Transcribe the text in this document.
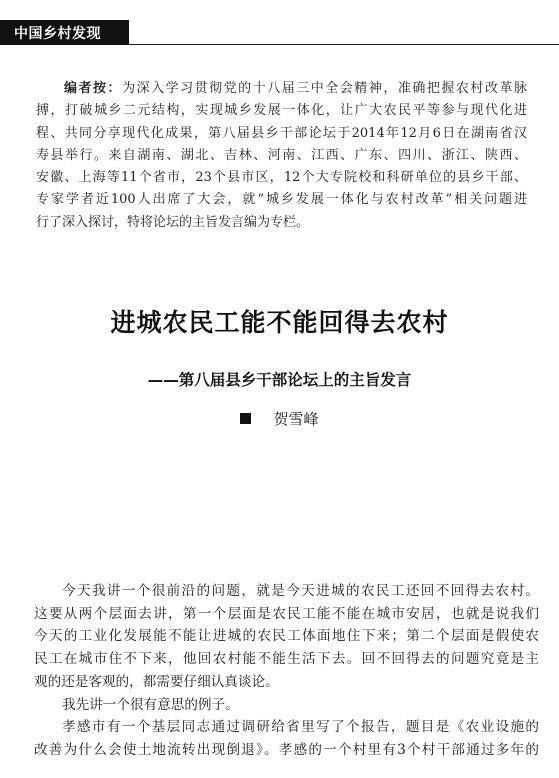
中国乡村发现
编者按：为深入学习贯彻党的十八届三中全会精神，准确把握农村改革脉
搏，打破城乡二元结构，实现城乡发展一体化，让广大农民平等参与现代化进
程、共同分享现代化成果，第八届县乡干部论坛于2014年12月6日在湖南省汉
寿县举行。来自湖南、湖北、吉林、河南、江西、广东、四川、浙江、陕西、
安徽、上海等11个省市，23个县市区，12个大专院校和科研单位的县乡干部、
专家学者近100人出席了大会，就“城乡发展一体化与农村改革”相关问题进
行了深入探讨，特将论坛的主旨发言编为专栏。
进城农民工能不能回得去农村
——第八届县乡干部论坛上的主旨发言
贺雪峰
今天我讲一个很前沿的问题，就是今天进城的农民工还回不回得去农村。
这要从两个层面去讲，第一个层面是农民工能不能在城市安居，也就是说我们
今天的工业化发展能不能让进城的农民工体面地住下来；第二个层面是假使农
民工在城市住不下来，他回农村能不能生活下去。回不回得去的问题究竟是主
观的还是客观的，都需要仔细认真谈论。
我先讲一个很有意思的例子。
孝感市有一个基层同志通过调研给省里写了个报告，题目是《农业设施的
改善为什么会使土地流转出现倒退》。孝感的一个村里有3个村干部通过多年的
